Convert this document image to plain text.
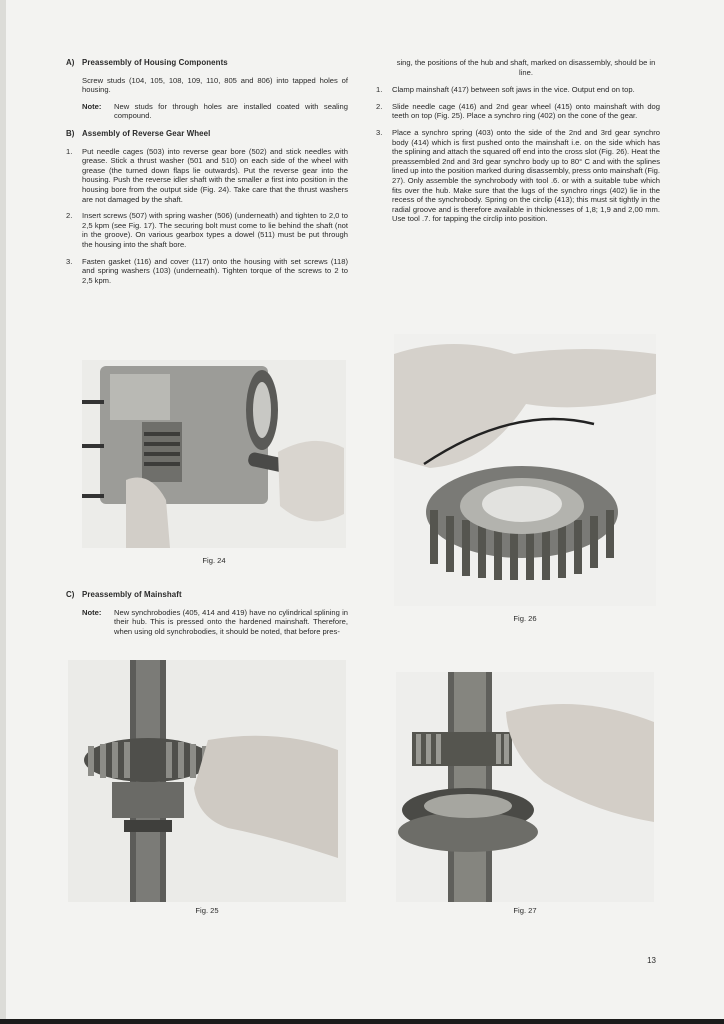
A) Preassembly of Housing Components

Screw studs (104, 105, 108, 109, 110, 805 and 806) into tapped holes of housing.

Note:	New studs for through holes are installed coated with sealing compound.
B) Assembly of Reverse Gear Wheel
1.	Put needle cages (503) into reverse gear bore (502) and stick needles with grease. Stick a thrust washer (501 and 510) on each side of the wheel with grease (the turned down flaps lie outwards). Put the reverse gear into the housing. Push the reverse idler shaft with the smaller ⌀ first into position in the housing bore from the output side (Fig. 24). Take care that the thrust washers are not damaged by the shaft.
2.	Insert screws (507) with spring washer (506) (underneath) and tighten to 2,0 to 2,5 kpm (see Fig. 17). The securing bolt must come to lie behind the shaft (not in the groove). On various gearbox types a dowel (511) must be put through the housing into the shaft bore.
3.	Fasten gasket (116) and cover (117) onto the housing with set screws (118) and spring washers (103) (underneath). Tighten torque of the screws to 2 to 2,5 kpm.
C) Preassembly of Mainshaft
Note:	New synchrobodies (405, 414 and 419) have no cylindrical splining in their hub. This is pressed onto the hardened mainshaft. Therefore, when using old synchrobodies, it should be noted, that before pres-

sing, the positions of the hub and shaft, marked on disassembly, should be in line.

1.	Clamp mainshaft (417) between soft jaws in the vice. Output end on top.
2.	Slide needle cage (416) and 2nd gear wheel (415) onto mainshaft with dog teeth on top (Fig. 25). Place a synchro ring (402) on the cone of the gear.
3.	Place a synchro spring (403) onto the side of the 2nd and 3rd gear synchro body (414) which is first pushed onto the mainshaft i.e. on the side which has the splining and attach the squared off end into the cross slot (Fig. 26). Heat the preassembled 2nd and 3rd gear synchro body up to 80° C and with the splines lined up into the position marked during disassembly, press onto mainshaft (Fig. 27). Only assemble the synchrobody with tool .6. or with a suitable tube which fits over the hub. Make sure that the lugs of the synchro rings (402) lie in the recess of the synchrobody. Spring on the circlip (413); this must sit tightly in the radial groove and is therefore available in thicknesses of 1,8; 1,9 and 2,00 mm. Use tool .7. for tapping the circlip into position.
Fig. 24
Fig. 26
Fig. 25	Fig. 27
13
